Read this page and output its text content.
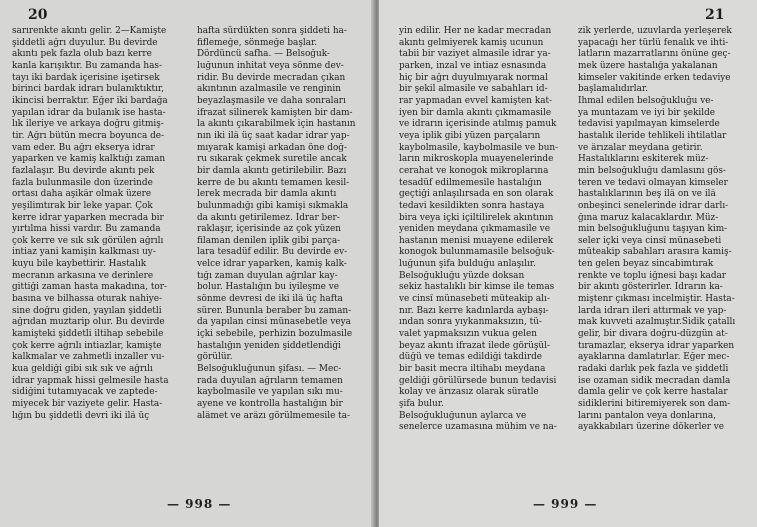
20
sarırenkte akıntı gelir. 2—Kamişte
şiddetli ağrı duyulur. Bu devirde
akıntı pek fazla olub bazı kerre
kanla karışıktır. Bu zamanda has-
tayı iki bardak içerisine işetirsek
birinci bardak idrarı bulanıktıktır,
ikincisi berraktır. Eğer iki bardağa
yapılan idrar da bulanık ise hasta-
lık ileriye ve arkaya doğru gitmiş-
tir. Ağrı bütün mecra boyunca de-
vam eder. Bu ağrı ekserya idrar
yaparken ve kamiş kalktığı zaman
fazlalaşır. Bu devirde akıntı pek
fazla bulunmasile don üzerinde
ortası daha aşikâr olmak üzere
yeşilimtırak bir leke yapar. Çok
kerre idrar yaparken mecrada bir
yırtılma hissi vardır. Bu zamanda
çok kerre ve sık sık görülen ağrılı
intiaz yani kamişin kalkması uy-
kuyu bile kaybettirir. Hastalık
mecranın arkasına ve derinlere
gittiği zaman hasta makadına, tor-
basına ve bilhassa oturak nahiye-
sine doğru giden, yayılan şiddetli
ağrıdan muztarip olur. Bu devirde
kamişteki şiddetli iltihap sebebile
çok kerre ağrılı intiazlar, kamişte
kalkmalar ve zahmetli inzaller vu-
kua geldiği gibi sık sık ve ağrılı
idrar yapmak hissi gelmesile hasta
sidiğini tutamıyacak ve zaptede-
miyecek bir vaziyete gelir. Hasta-
lığın bu şiddetli devri iki ilâ üç
hafta sürdükten sonra şiddeti ha-
fiflemeğe, sönmeğe başlar.
Dördüncü safha. — Belsoğuk-
luğunun inhitat veya sönme dev-
ridir. Bu devirde mecradan çıkan
akıntının azalmasile ve renginin
beyazlaşmasile ve daha sonraları
ifrazat silinerek kamişten bir dam-
la akıntı çıkarabilmek için hastanın
nın iki ilâ üç saat kadar idrar yap-
mıyarak kamişi arkadan öne doğ-
ru sıkarak çekmek suretile ancak
bir damla akıntı getirilebilir. Bazı
kerre de bu akıntı temamen kesil-
lerek mecrada bir damla akıntı
bulunmadığı gibi kamişi sıkmakla
da akıntı getirilemez. İdrar ber-
raklaşır, içerisinde az çok yüzen
filaman denilen iplik gibi parça-
lara tesadüf edilir. Bu devirde ev-
velce idrar yaparken, kamiş kalk-
tığı zaman duyulan ağrılar kay-
bolur. Hastalığın bu iyileşme ve
sönme devresi de iki ilâ üç hafta
sürer. Bununla beraber bu zaman-
da yapılan cinsi münasebetle veya
içki sebebile, perhizin bozulmasile
hastalığın yeniden şiddetlendiği
görülür.
Belsoğukluğunun şifası. — Mec-
rada duyulan ağrıların temamen
kaybolmasile ve yapılan sıkı mu-
ayene ve kontrolla hastalığın bir
alâmet ve arâzı görülmemesile ta-
— 998 —
21
yin edilir. Her ne kadar mecradan
akıntı gelmiyerek kamiş ucunun
tabii bir vaziyet almasile idrar ya-
parken, inzal ve intiaz esnasında
hiç bir ağrı duyulmıyarak normal
bir şekil almasile ve sabahları id-
rar yapmadan evvel kamişten kat-
iyen bir damla akıntı çıkmamasile
ve idrarın içerisinde atılmış pamuk
veya iplik gibi yüzen parçaların
kaybolmasile, kaybolmasile ve bun-
ların mikroskopla muayenelerinde
cerahat ve konogok mikroplarına
tesadüf edilmemesile hastalığın
geçtiği anlaşılırsada en son olarak
tedavi kesildikten sonra hastaya
bira veya içki içiltilirelek akıntının
yeniden meydana çıkmamasile ve
hastanın menisi muayene edilerek
konogok bulunmamasile belsoğuk-
luğunun şifa bulduğu anlaşılır.
Belsoğukluğu yüzde doksan
sekiz hastalıklı bir kimse ile temas
ve cinsî münasebeti müteakip alı-
nır. Bazı kerre kadınlarda aybaşı-
ından sonra yıykanmaksızın, tü-
valet yapmaksızın vukua gelen
beyaz akıntı ifrazat ilede görüşül-
düğü ve temas edildiği takdirde
bir basit mecra iltihabı meydana
geldiği görülürsede bunun tedavisi
kolay ve ârızasız olarak süratle
şifa bulur.
Belsoğukluğunun aylarca ve
senelerce uzamasına mühim ve na-
zik yerlerde, uzuvlarda yerleşerek
yapacağı her türlü fenalık ve ihti-
latların mazarratlarını önüne geç-
mek üzere hastalığa yakalanan
kimseler vakitinde erken tedaviye
başlamalıdırlar.
İhmal edilen belsoğukluğu ve-
ya muntazam ve iyi bir şekilde
tedavisi yapılmayan kimselerde
hastalık ileride tehlikeli ihtilatlar
ve ârızalar meydana getirir.
Hastalıklarını eskiterek müz-
min belsoğukluğu damlasını gös-
teren ve tedavi olmayan kimseler
hastalıklarının beş ilâ on ve ilâ
onbeşinci senelerinde idrar darlı-
ğına maruz kalacaklardır. Müz-
min belsoğukluğunu taşıyan kim-
seler içki veya cinsî münasebeti
müteakip sabahları arasıra kamiş-
ten gelen beyaz sincabimtırak
renkte ve toplu iğnesi başı kadar
bir akıntı gösterirler. İdrarın ka-
miştenr çıkması incelmiştir. Hasta-
larda idrarı ileri attırmak ve yap-
mak kuvveti azalmıştır.Sidik çatallı
gelir, bir divara doğru-düzgün at-
tıramazlar, ekserya idrar yaparken
ayaklarına damlatırlar. Eğer mec-
radaki darlık pek fazla ve şiddetli
ise ozaman sidik mecradan damla
damla gelir ve çok kerre hastalar
sidiklerini bitiremiyerek son dam-
larını pantalon veya donlarına,
ayakkabıları üzerine dökerler ve
— 999 —
